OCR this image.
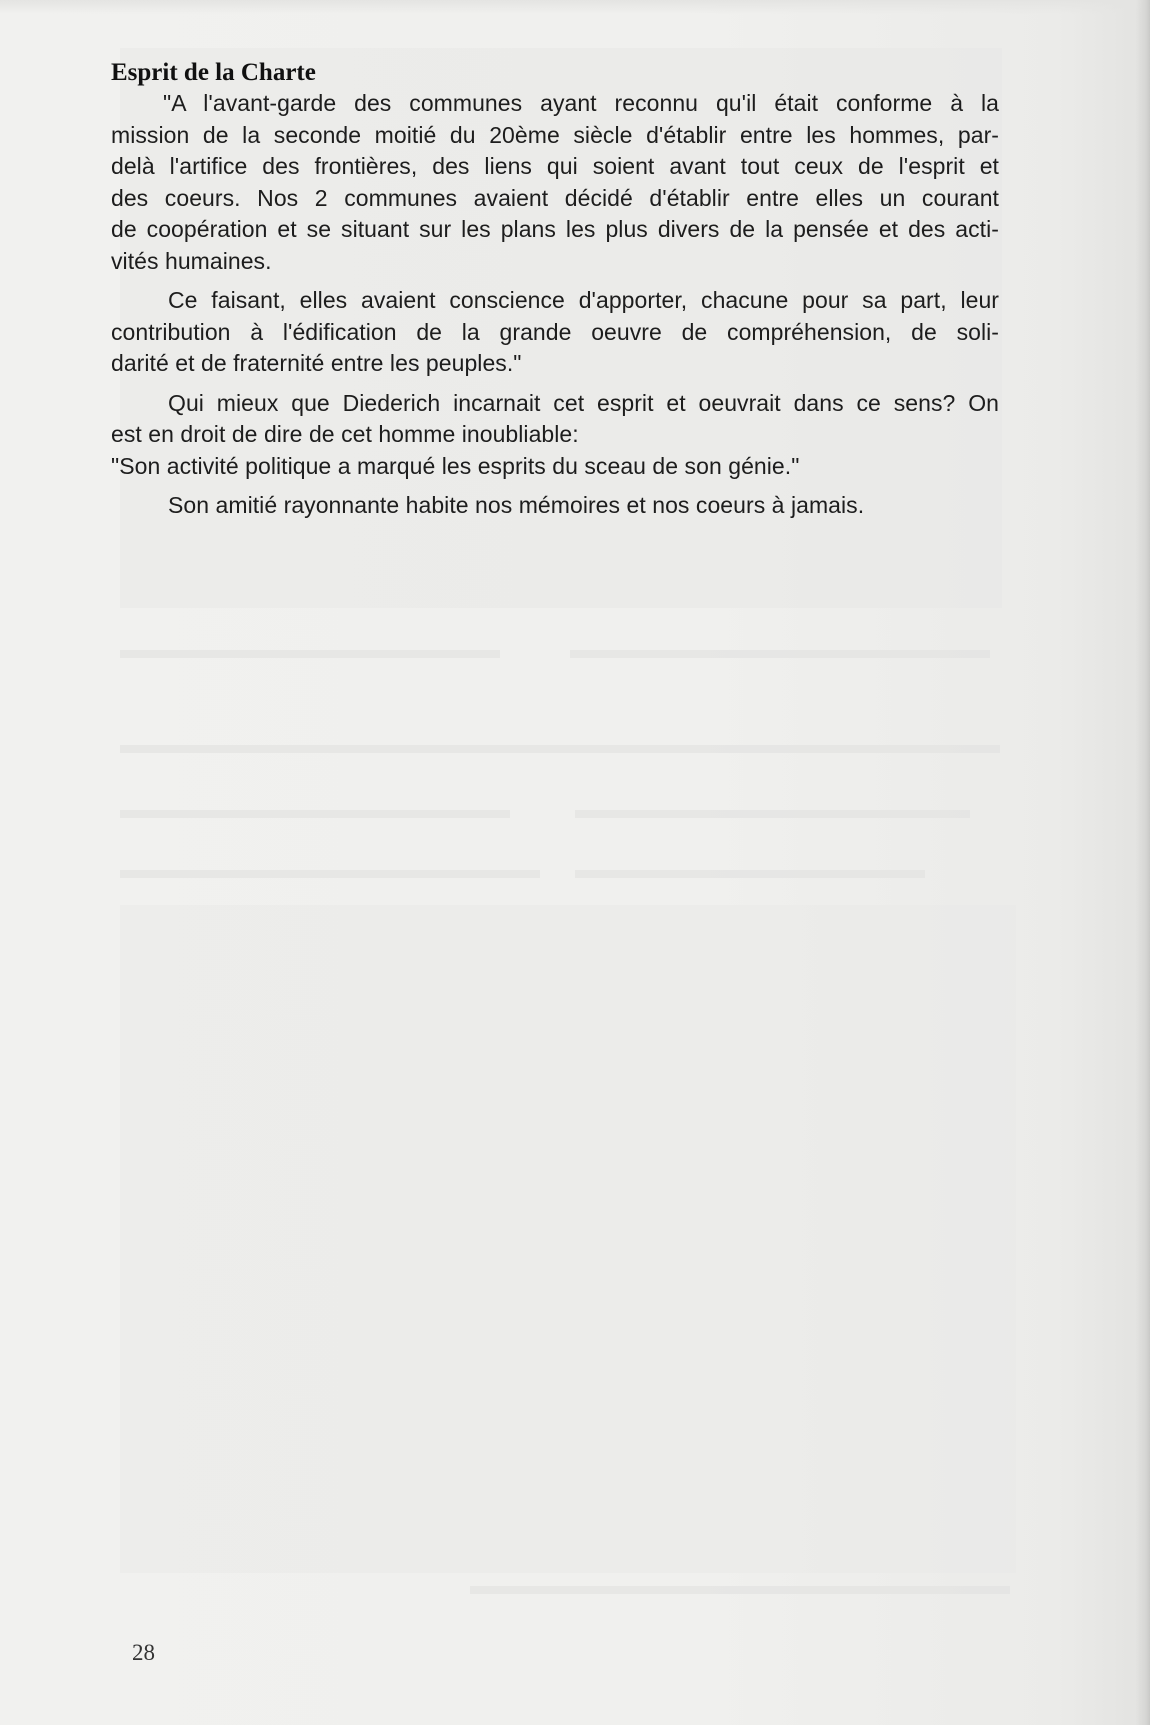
Esprit de la Charte

"A l'avant-garde des communes ayant reconnu qu'il était conforme à la
mission de la seconde moitié du 20ème siècle d'établir entre les hommes, par-
delà l'artifice des frontières, des liens qui soient avant tout ceux de l'esprit et
des coeurs. Nos 2 communes avaient décidé d'établir entre elles un courant
de coopération et se situant sur les plans les plus divers de la pensée et des acti-
vités humaines.

Ce faisant, elles avaient conscience d'apporter, chacune pour sa part, leur
contribution à l'édification de la grande oeuvre de compréhension, de soli-
darité et de fraternité entre les peuples."

Qui mieux que Diederich incarnait cet esprit et oeuvrait dans ce sens? On
est en droit de dire de cet homme inoubliable:
"Son activité politique a marqué les esprits du sceau de son génie."

Son amitié rayonnante habite nos mémoires et nos coeurs à jamais.

28
